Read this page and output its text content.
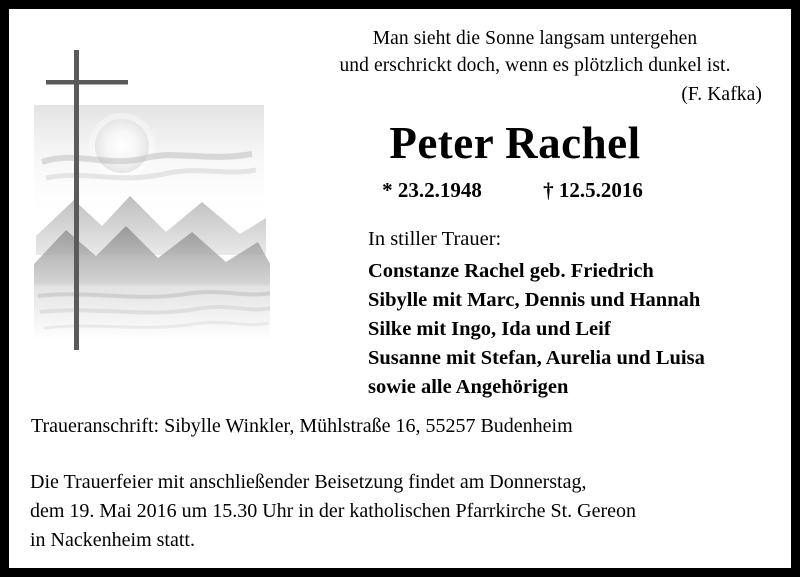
Man sieht die Sonne langsam untergehen
und erschrickt doch, wenn es plötzlich dunkel ist.
(F. Kafka)
Peter Rachel
* 23.2.1948	† 12.5.2016
In stiller Trauer:
Constanze Rachel geb. Friedrich
Sibylle mit Marc, Dennis und Hannah
Silke mit Ingo, Ida und Leif
Susanne mit Stefan, Aurelia und Luisa
sowie alle Angehörigen
Traueranschrift: Sibylle Winkler, Mühlstraße 16, 55257 Budenheim
Die Trauerfeier mit anschließender Beisetzung findet am Donnerstag,
dem 19. Mai 2016 um 15.30 Uhr in der katholischen Pfarrkirche St. Gereon
in Nackenheim statt.
